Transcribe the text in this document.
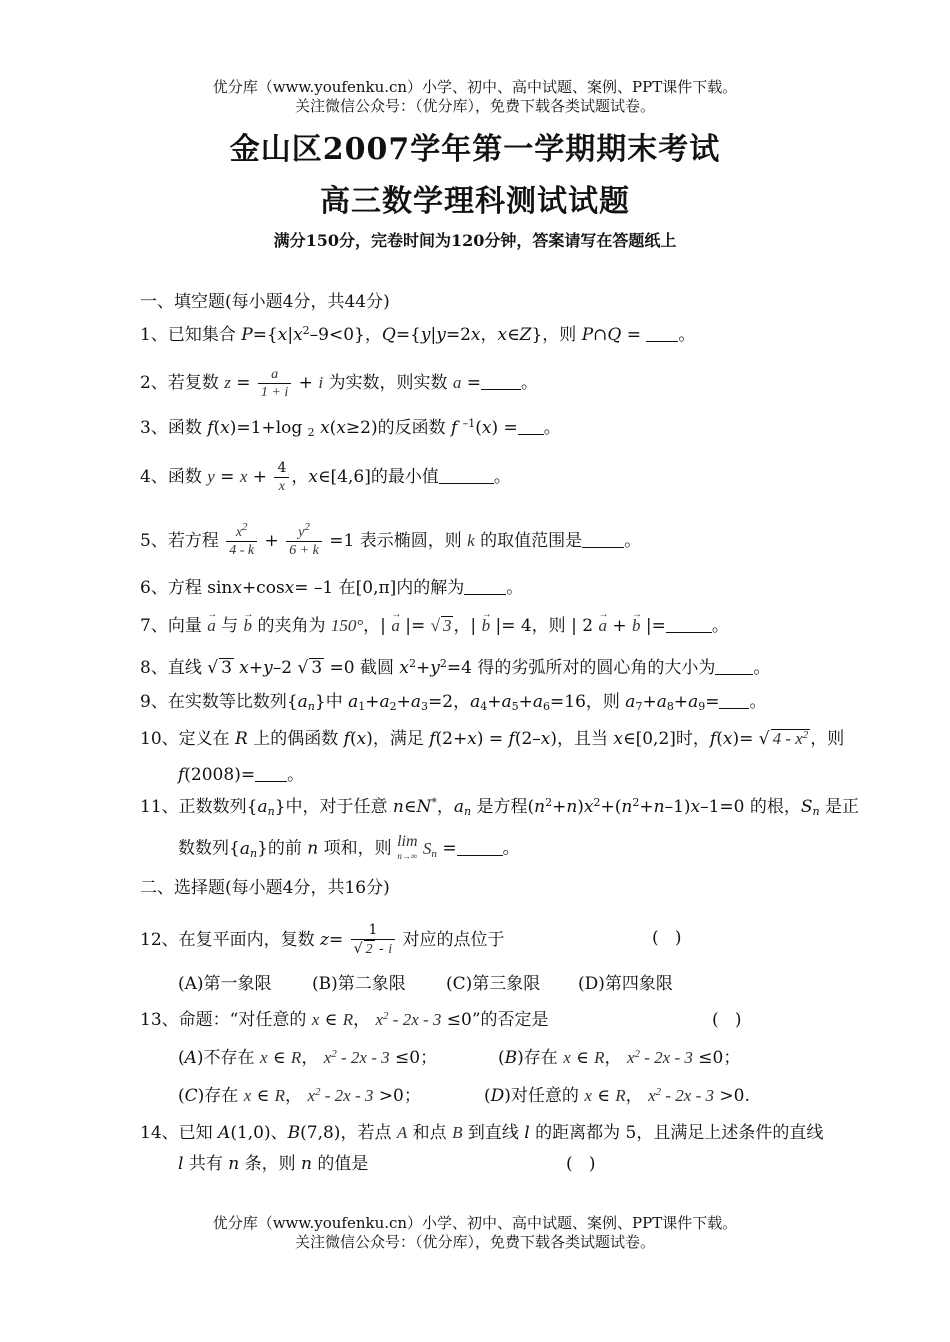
优分库（www.youfenku.cn）小学、初中、高中试题、案例、PPT课件下载。
关注微信公众号：（优分库），免费下载各类试题试卷。
金山区2007学年第一学期期末考试
高三数学理科测试试题
满分150分，完卷时间为120分钟，答案请写在答题纸上
一、填空题(每小题4分，共44分)
1、已知集合 $P=\{x|x^2-9<0\}$，Q={y|y=2x，x∈Z}，则 P∩Q = 。
2、若复数 $z = \frac{a}{1 + i} + i$ 为实数，则实数 a = 。
3、函数 f(x)=1+log $_2$ x(x≥2)的反函数 f $^{-1}$(x) = 。
4、函数 $y = x + \frac{4}{x}$ ，x∈[4,6]的最小值	。
5、若方程 $\frac{x^2}{4 - k} + \frac{y^2}{6 + k} =1$ 表示椭圆，则 k 的取值范围是 。
6、方程 sinx+cosx= –1 在[0,π]内的解为 。
7、向量 → a 与 → b 的夹角为 150°，| → a |= √ 3 ，| → b |= 4，则 | 2 → a + → b |=	。
8、直线 √ 3 x+y–2 √ 3 =0 截圆 $x^2+y^2=4$ 得的劣弧所对的圆心角的大小为 。
9、在实数等比数列$\{a_n\}$中 $a_1+a_2+a_3=2$，$a_4+a_5+a_6=16$，则 $a_7+a_8+a_9=$ 。
10、定义在 R 上的偶函数 f(x)，满足 f(2+x) = f(2–x)，且当 x∈[0,2]时，f(x)= √ $4 - x^2$ ，则
f(2008)= 。
11、正数数列$\{a_n\}$中，对于任意 n∈N*，$a_n$ 是方程$(n^2+n)x^2+(n^2+n-1)x-1=0$ 的根，$S_n$ 是正
数数列$\{a_n\}$的前 n 项和，则 lim
n→∞ $S_n$ =	。
二、选择题(每小题4分，共16分)
12、在复平面内，复数 $z= \frac{1}{√ 2 - i}$ 对应的点位于	(   )
(A)第一象限 (B)第二象限 (C)第三象限 (D)第四象限
13、命题：“对任意的 x ∈ R， $x^2 - 2x - 3 \le 0$”的否定是	(   )
(A)不存在 x ∈ R， $x^2 - 2x - 3 \le 0$；	(B)存在 x ∈ R， $x^2 - 2x - 3 \le 0$；
(C)存在 x ∈ R， $x^2 - 2x - 3 >0$；	(D)对任意的 x ∈ R， $x^2 - 2x - 3 >0$.
14、已知 A(1,0)、B(7,8)，若点 A 和点 B 到直线 l 的距离都为 5，且满足上述条件的直线
l 共有 n 条，则 n 的值是	(   )
优分库（www.youfenku.cn）小学、初中、高中试题、案例、PPT课件下载。
关注微信公众号：（优分库），免费下载各类试题试卷。
